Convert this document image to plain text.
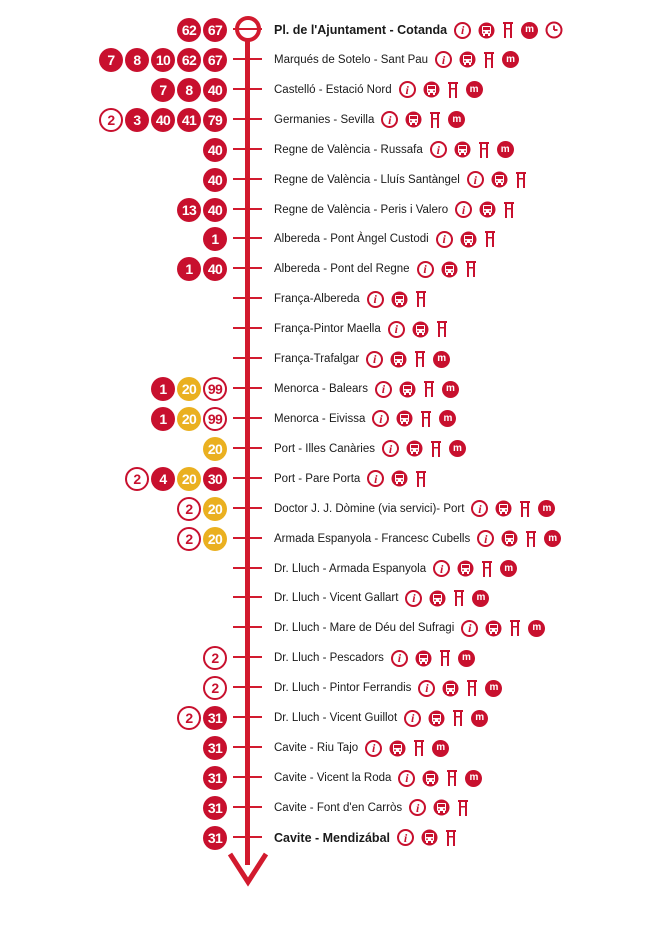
62 67	Pl. de l'Ajuntament - Cotanda	i	m
7	8	10 62 67	Marqués de Sotelo - Sant Pau	i	m
7	8	40	Castelló - Estació Nord	i	m
2	3	40 41 79	Germanies - Sevilla	i	m
40	Regne de València - Russafa	i	m
40	Regne de València - Lluís Santàngel	i
13 40	Regne de València - Peris i Valero	i
1	Albereda - Pont Àngel Custodi	i
1	40	Albereda - Pont del Regne	i
França-Albereda	i
França-Pintor Maella	i
França-Trafalgar	i	m
1	20 99	Menorca - Balears	i	m
1	20 99	Menorca - Eivissa	i	m
20	Port - Illes Canàries	i	m
2	4	20 30	Port - Pare Porta	i
2	20	Doctor J. J. Dòmine (via servici)- Port	i	m
2	20	Armada Espanyola - Francesc Cubells	i	m
Dr. Lluch - Armada Espanyola	i	m
Dr. Lluch - Vicent Gallart	i	m
Dr. Lluch - Mare de Déu del Sufragi	i	m
2	Dr. Lluch - Pescadors	i	m
2	Dr. Lluch - Pintor Ferrandis	i	m
2	31	Dr. Lluch - Vicent Guillot	i	m
31	Cavite - Riu Tajo	i	m
31	Cavite - Vicent la Roda	i	m
31	Cavite - Font d'en Carròs	i
31	Cavite - Mendizábal	i
